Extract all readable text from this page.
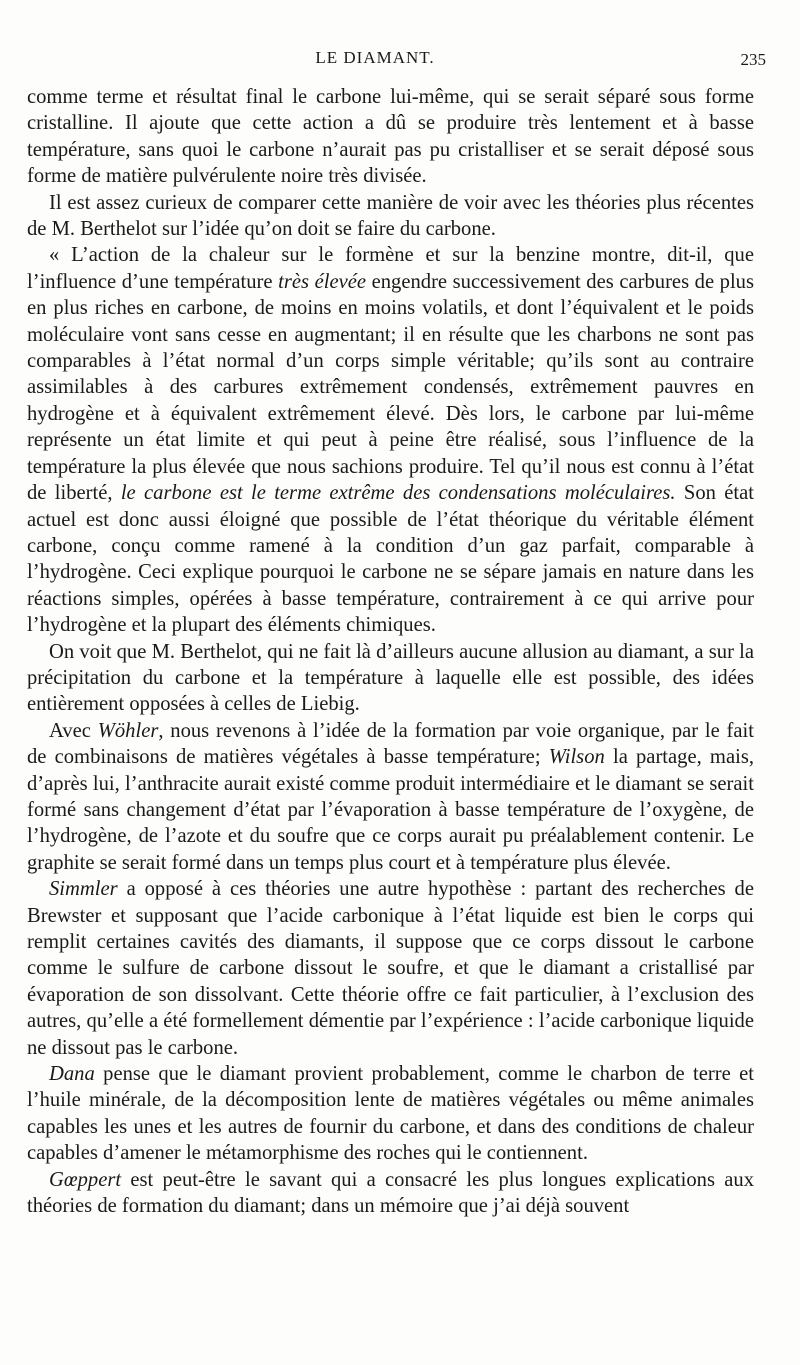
LE DIAMANT.	235

comme terme et résultat final le carbone lui-même, qui se serait séparé sous forme cristalline. Il ajoute que cette action a dû se produire très lentement et à basse température, sans quoi le carbone n’aurait pas pu cristalliser et se serait déposé sous forme de matière pulvérulente noire très divisée.

Il est assez curieux de comparer cette manière de voir avec les théories plus récentes de M. Berthelot sur l’idée qu’on doit se faire du carbone.

« L’action de la chaleur sur le formène et sur la benzine montre, dit-il, que l’influence d’une température très élevée engendre successivement des carbures de plus en plus riches en carbone, de moins en moins volatils, et dont l’équivalent et le poids moléculaire vont sans cesse en augmentant; il en résulte que les charbons ne sont pas comparables à l’état normal d’un corps simple véritable; qu’ils sont au contraire assimilables à des carbures extrêmement condensés, extrêmement pauvres en hydrogène et à équivalent extrêmement élevé. Dès lors, le carbone par lui-même représente un état limite et qui peut à peine être réalisé, sous l’influence de la température la plus élevée que nous sachions produire. Tel qu’il nous est connu à l’état de liberté, le carbone est le terme extrême des condensations moléculaires. Son état actuel est donc aussi éloigné que possible de l’état théorique du véritable élément carbone, conçu comme ramené à la condition d’un gaz parfait, comparable à l’hydrogène. Ceci explique pourquoi le carbone ne se sépare jamais en nature dans les réactions simples, opérées à basse température, contrairement à ce qui arrive pour l’hydrogène et la plupart des éléments chimiques.

On voit que M. Berthelot, qui ne fait là d’ailleurs aucune allusion au diamant, a sur la précipitation du carbone et la température à laquelle elle est possible, des idées entièrement opposées à celles de Liebig.

Avec Wöhler, nous revenons à l’idée de la formation par voie organique, par le fait de combinaisons de matières végétales à basse température; Wilson la partage, mais, d’après lui, l’anthracite aurait existé comme produit intermédiaire et le diamant se serait formé sans changement d’état par l’évaporation à basse température de l’oxygène, de l’hydrogène, de l’azote et du soufre que ce corps aurait pu préalablement contenir. Le graphite se serait formé dans un temps plus court et à température plus élevée.

Simmler a opposé à ces théories une autre hypothèse : partant des recherches de Brewster et supposant que l’acide carbonique à l’état liquide est bien le corps qui remplit certaines cavités des diamants, il suppose que ce corps dissout le carbone comme le sulfure de carbone dissout le soufre, et que le diamant a cristallisé par évaporation de son dissolvant. Cette théorie offre ce fait particulier, à l’exclusion des autres, qu’elle a été formellement démentie par l’expérience : l’acide carbonique liquide ne dissout pas le carbone.

Dana pense que le diamant provient probablement, comme le charbon de terre et l’huile minérale, de la décomposition lente de matières végétales ou même animales capables les unes et les autres de fournir du carbone, et dans des conditions de chaleur capables d’amener le métamorphisme des roches qui le contiennent.

Gœppert est peut-être le savant qui a consacré les plus longues explications aux théories de formation du diamant; dans un mémoire que j’ai déjà souvent
